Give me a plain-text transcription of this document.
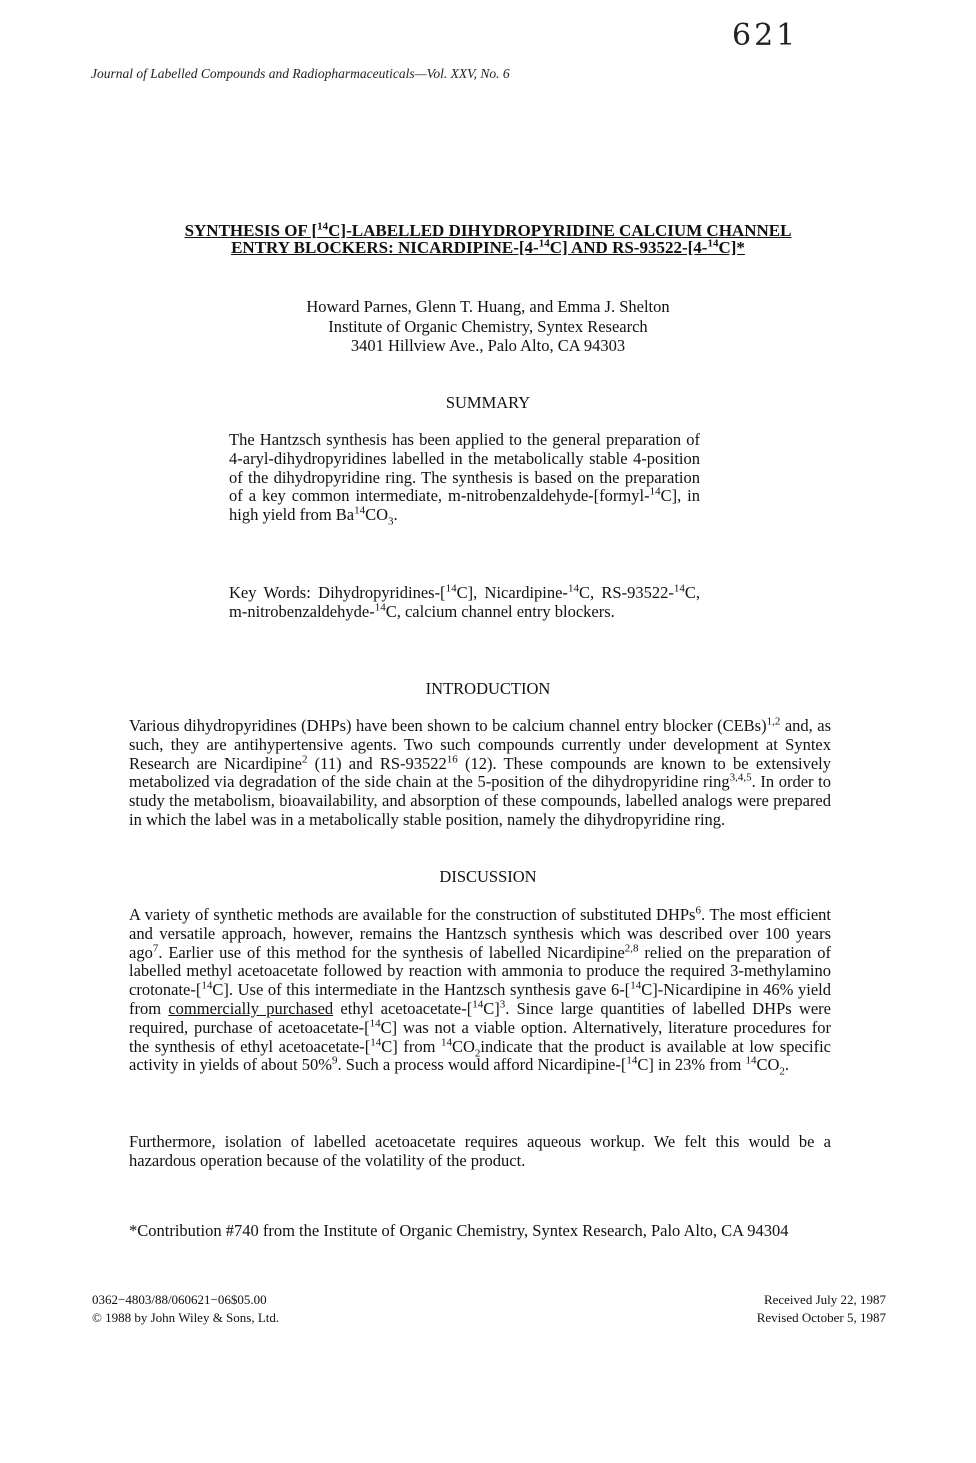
621
Journal of Labelled Compounds and Radiopharmaceuticals—Vol. XXV, No. 6
SYNTHESIS OF [$^{14}$C]-LABELLED DIHYDROPYRIDINE CALCIUM CHANNEL
ENTRY BLOCKERS: NICARDIPINE-[4-$^{14}$C] AND RS-93522-[4-$^{14}$C]*
Howard Parnes, Glenn T. Huang, and Emma J. Shelton
Institute of Organic Chemistry, Syntex Research
3401 Hillview Ave., Palo Alto, CA 94303
SUMMARY
The Hantzsch synthesis has been applied to the general preparation of 4-aryl-dihydropyridines labelled in the metabolically stable 4-position of the dihydropyridine ring. The synthesis is based on the preparation of a key common intermediate, m-nitrobenzaldehyde-[formyl-$^{14}$C], in high yield from $Ba^{14}CO_3$.
Key Words: Dihydropyridines-[$^{14}$C], Nicardipine-$^{14}$C, RS-93522-$^{14}$C, m-nitrobenzaldehyde-$^{14}$C, calcium channel entry blockers.
INTRODUCTION
Various dihydropyridines (DHPs) have been shown to be calcium channel entry blocker (CEBs)$^{1,2}$ and, as such, they are antihypertensive agents. Two such compounds currently under development at Syntex Research are Nicardipine$^2$ (11) and RS-93522$^{16}$ (12). These compounds are known to be extensively metabolized via degradation of the side chain at the 5-position of the dihydropyridine ring$^{3,4,5}$. In order to study the metabolism, bioavailability, and absorption of these compounds, labelled analogs were prepared in which the label was in a metabolically stable position, namely the dihydropyridine ring.
DISCUSSION
A variety of synthetic methods are available for the construction of substituted DHPs$^6$. The most efficient and versatile approach, however, remains the Hantzsch synthesis which was described over 100 years ago$^7$. Earlier use of this method for the synthesis of labelled Nicardipine$^{2,8}$ relied on the preparation of labelled methyl acetoacetate followed by reaction with ammonia to produce the required 3-methylamino crotonate-[$^{14}$C]. Use of this intermediate in the Hantzsch synthesis gave 6-[$^{14}$C]-Nicardipine in 46% yield from commercially purchased ethyl acetoacetate-$[^{14}C]^3$. Since large quantities of labelled DHPs were required, purchase of acetoacetate-[$^{14}$C] was not a viable option. Alternatively, literature procedures for the synthesis of ethyl acetoacetate-[$^{14}$C] from $^{14}CO_2indicate$ that the product is available at low specific activity in yields of about 50%$^9$. Such a process would afford Nicardipine-[$^{14}$C] in 23% from $^{14}CO_2$.
Furthermore, isolation of labelled acetoacetate requires aqueous workup. We felt this would be a hazardous operation because of the volatility of the product.
*Contribution #740 from the Institute of Organic Chemistry, Syntex Research, Palo Alto, CA 94304
0362−4803/88/060621−06$05.00
© 1988 by John Wiley & Sons, Ltd.
Received July 22, 1987
Revised October 5, 1987
